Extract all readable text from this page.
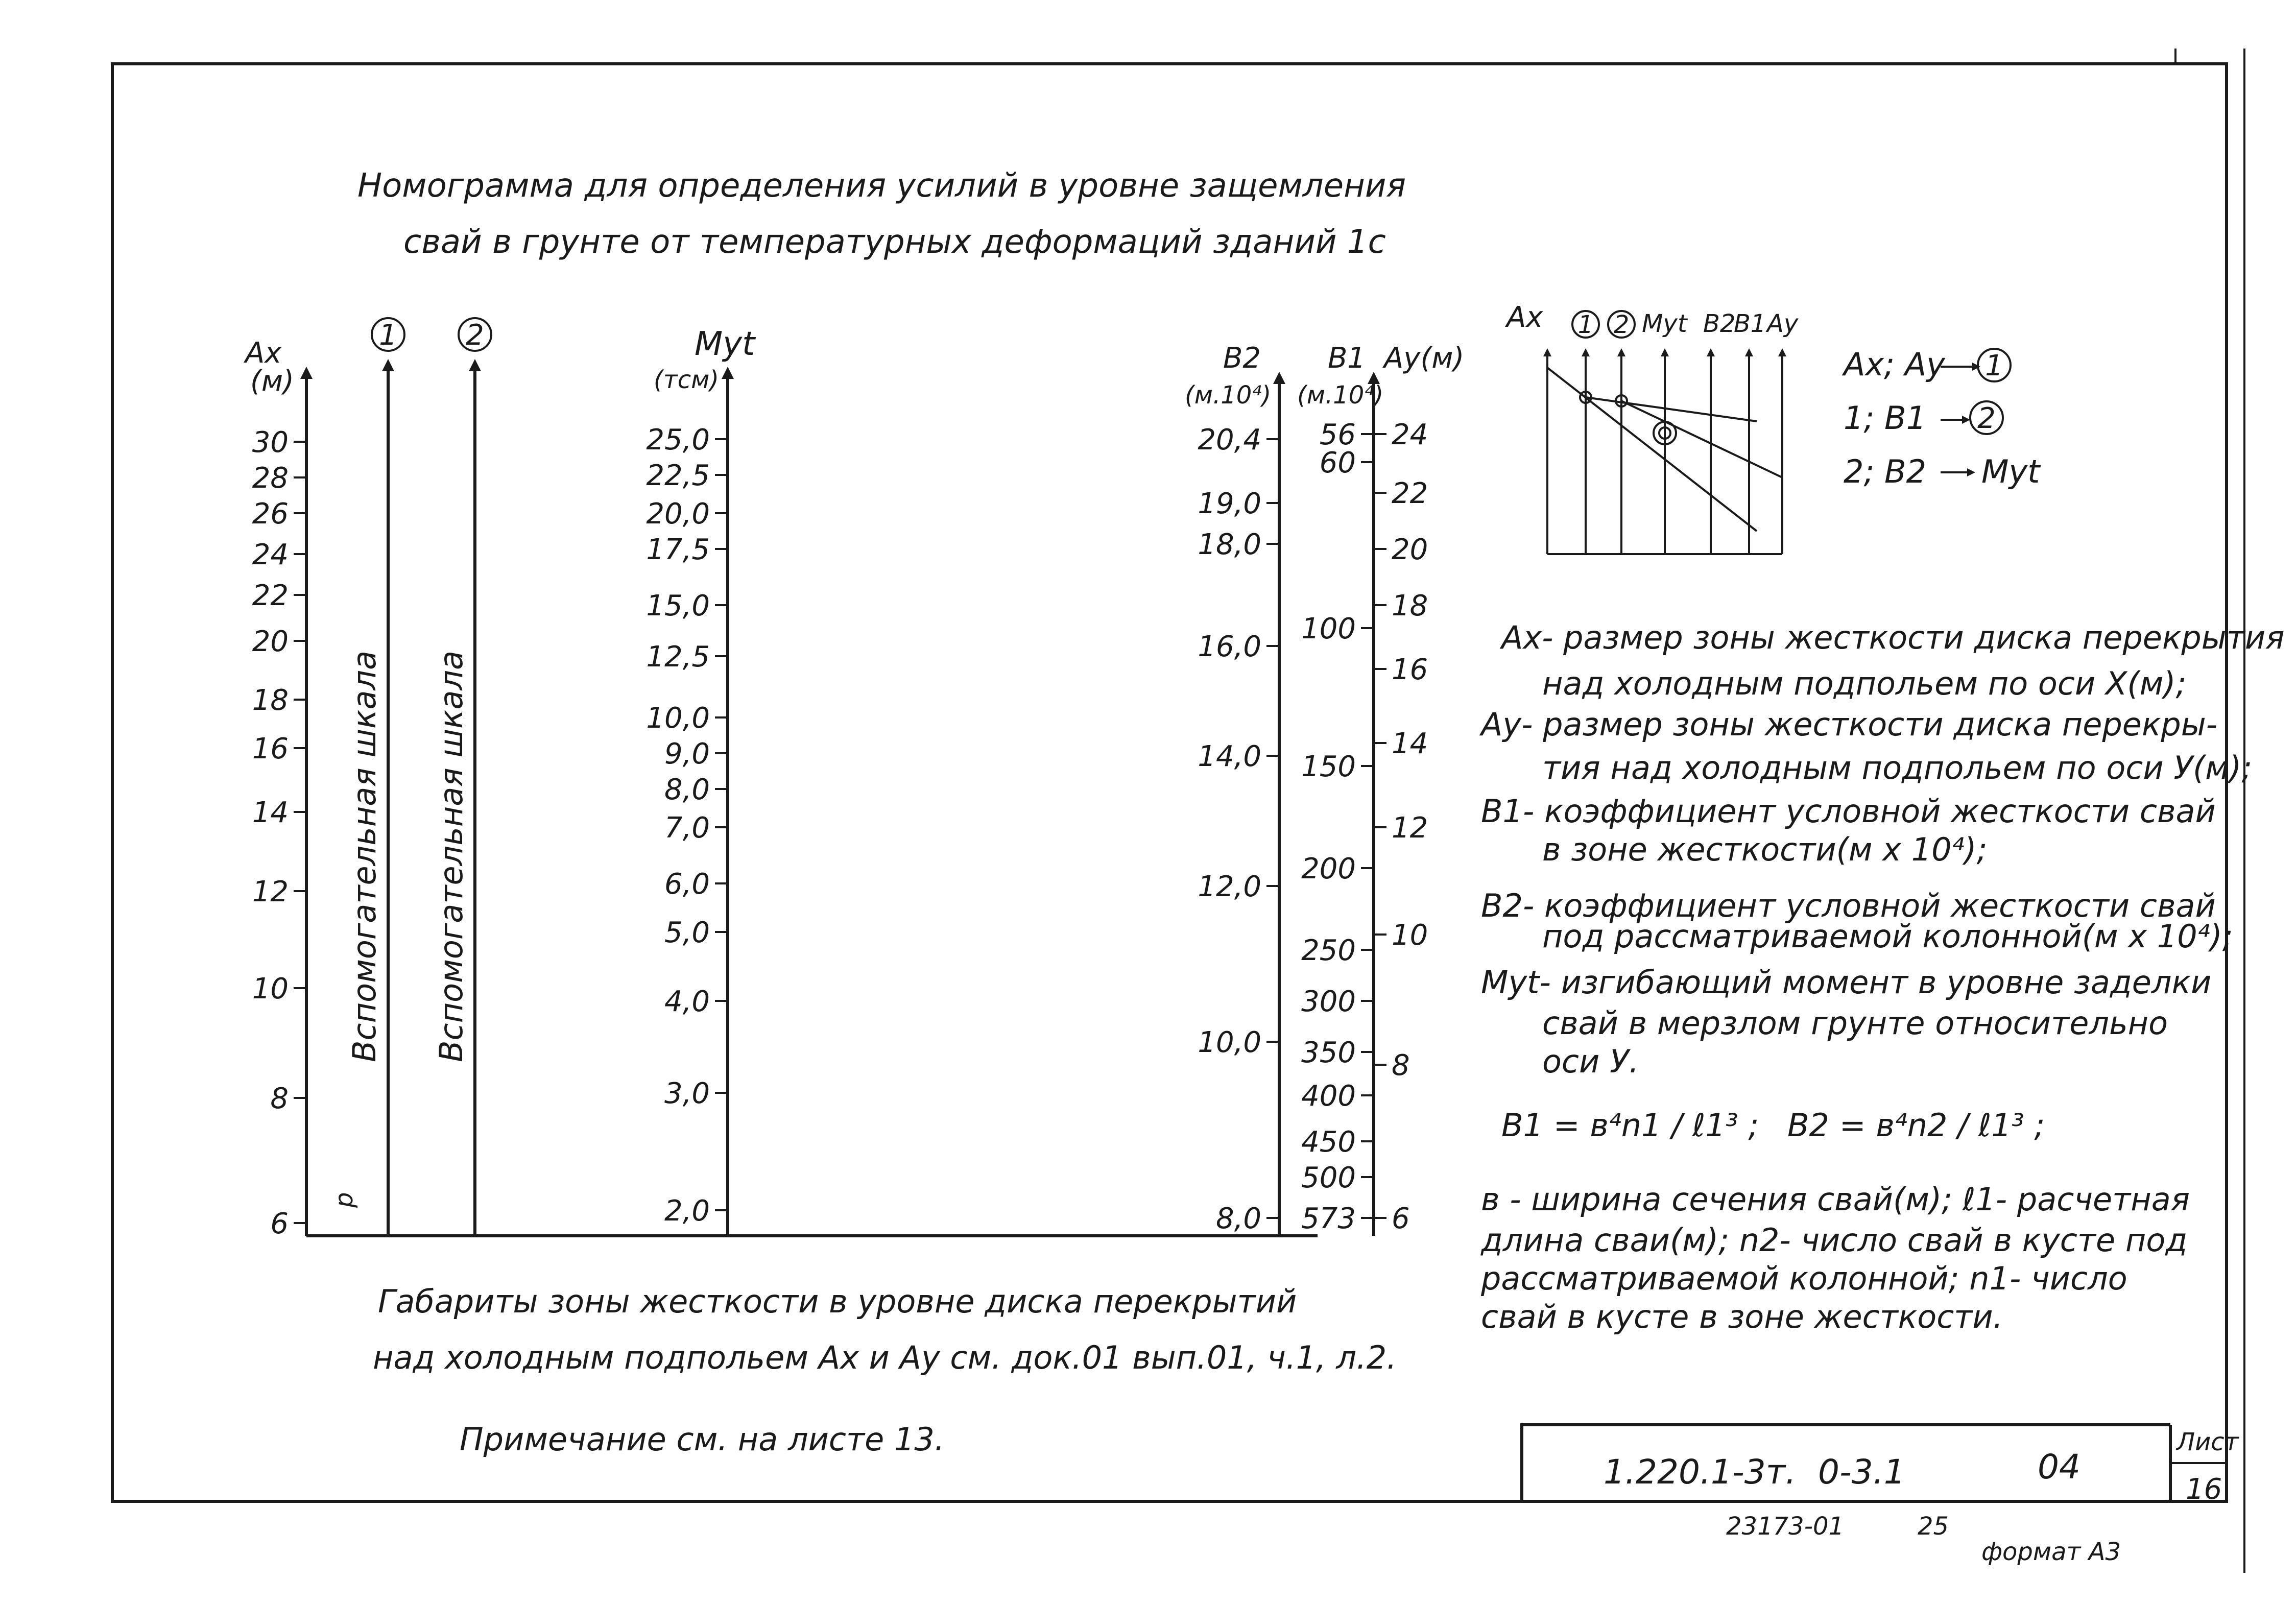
Номограмма для определения усилий в уровне защемления
свай в грунте от температурных деформаций зданий 1с
Ах
(м)
30
28
26
24
22
20
18
16
14
12
10
8
6
1
Вспомогательная шкала
p
2
Вспомогательная шкала
Myt
(тсм)
25,0
22,5
20,0
17,5
15,0
12,5
10,0
9,0
8,0
7,0
6,0
5,0
4,0
3,0
2,0
В2
(м.10⁴)
20,4
19,0
18,0
16,0
14,0
12,0
10,0
8,0
В1
(м.10⁴)
56
60
100
150
200
250
300
350
400
450
500
573
Ау(м)
24
22
20
18
16
14
12
10
8
6
Ах 1 2 Myt В2
В1 Ау
Ах; Ау 1
1; В1 2
2; В2 Myt
Ах- размер зоны жесткости диска перекрытия
над холодным подпольем по оси Х(м);
Ау- размер зоны жесткости диска перекры-
тия над холодным подпольем по оси У(м);
В1- коэффициент условной жесткости свай
в зоне жесткости(м х 10⁴);
В2- коэффициент условной жесткости свай
под рассматриваемой колонной(м х 10⁴);
Myt- изгибающий момент в уровне заделки
свай в мерзлом грунте относительно
оси У.
В1 = в⁴n1 / ℓ1³ ; В2 = в⁴n2 / ℓ1³ ;
в - ширина сечения свай(м); ℓ1- расчетная
длина сваи(м); n2- число свай в кусте под
рассматриваемой колонной; n1- число
свай в кусте в зоне жесткости.
Габариты зоны жесткости в уровне диска перекрытий
над холодным подпольем Ах и Ау см. док.01 вып.01, ч.1, л.2.
Примечание см. на листе 13.
1.220.1-3т. 0-3.1	04
Лист
16
23173-01	25
формат А3
